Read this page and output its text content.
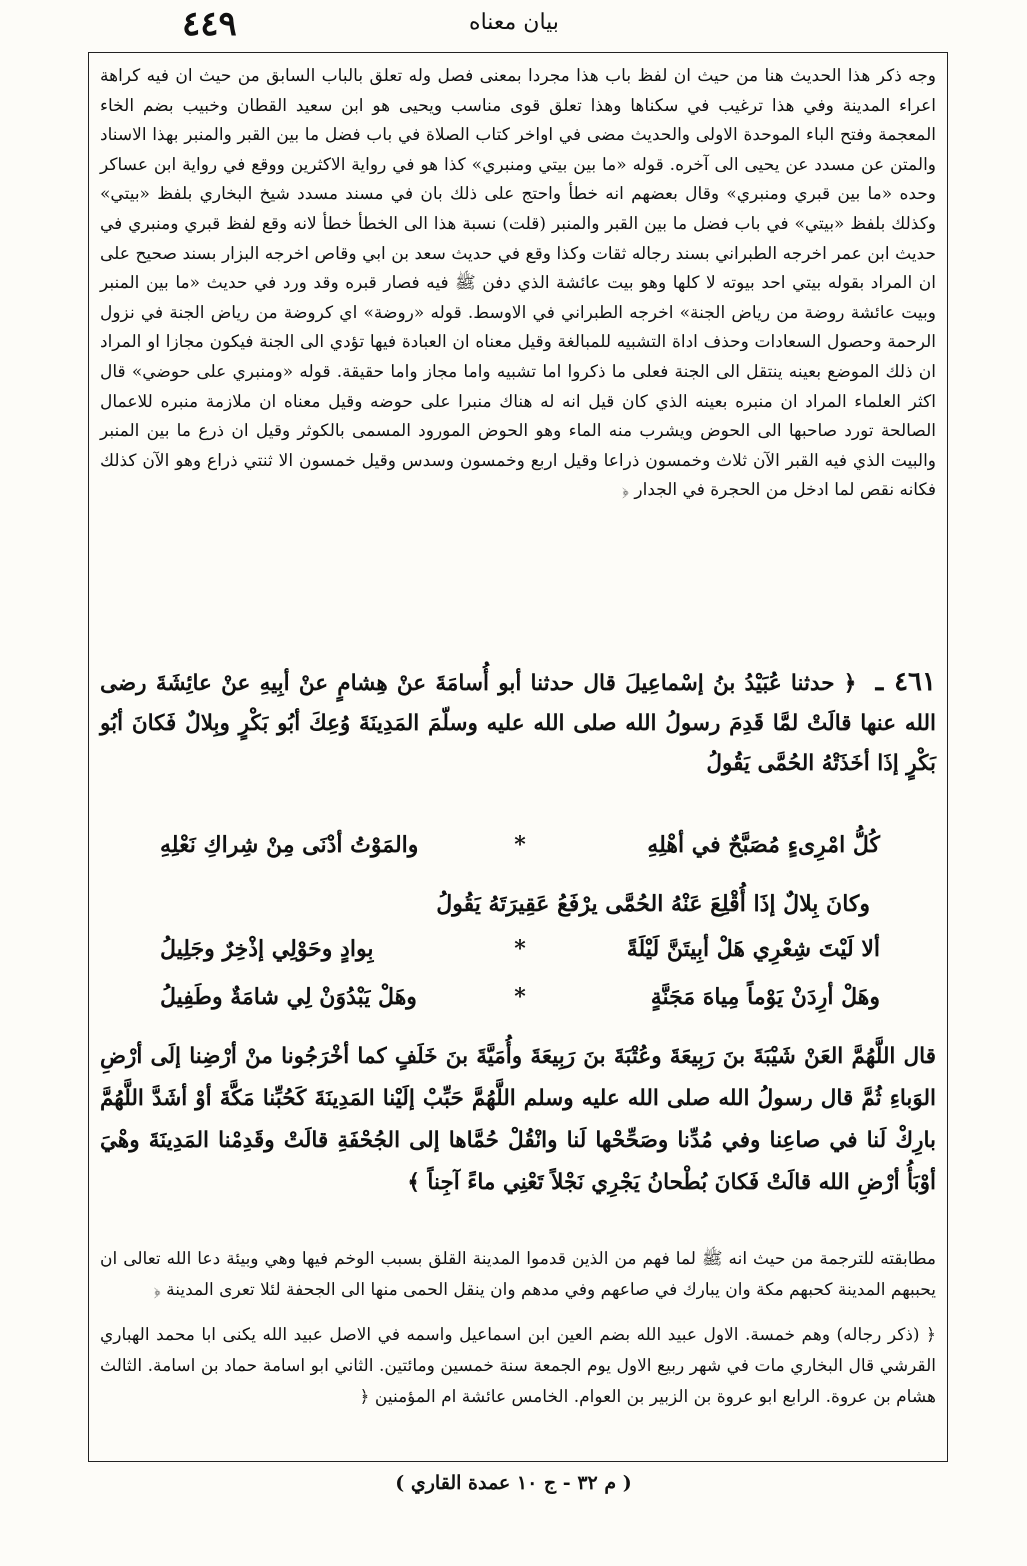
٤٤٩	بيان معناه
وجه ذكر هذا الحديث هنا من حيث ان لفظ باب هذا مجردا بمعنى فصل وله تعلق بالباب السابق من حيث ان فيه كراهة اعراء المدينة وفي هذا ترغيب في سكناها وهذا تعلق قوى مناسب ويحيى هو ابن سعيد القطان وخبيب بضم الخاء المعجمة وفتح الباء الموحدة الاولى والحديث مضى في اواخر كتاب الصلاة في باب فضل ما بين القبر والمنبر بهذا الاسناد والمتن عن مسدد عن يحيى الى آخره. قوله «ما بين بيتي ومنبري» كذا هو في رواية الاكثرين ووقع في رواية ابن عساكر وحده «ما بين قبري ومنبري» وقال بعضهم انه خطأ واحتج على ذلك بان في مسند مسدد شيخ البخاري بلفظ «بيتي» وكذلك بلفظ «بيتي» في باب فضل ما بين القبر والمنبر (قلت) نسبة هذا الى الخطأ خطأ لانه وقع لفظ قبري ومنبري في حديث ابن عمر اخرجه الطبراني بسند رجاله ثقات وكذا وقع في حديث سعد بن ابي وقاص اخرجه البزار بسند صحيح على ان المراد بقوله بيتي احد بيوته لا كلها وهو بيت عائشة الذي دفن ﷺ فيه فصار قبره وقد ورد في حديث «ما بين المنبر وبيت عائشة روضة من رياض الجنة» اخرجه الطبراني في الاوسط. قوله «روضة» اي كروضة من رياض الجنة في نزول الرحمة وحصول السعادات وحذف اداة التشبيه للمبالغة وقيل معناه ان العبادة فيها تؤدي الى الجنة فيكون مجازا او المراد ان ذلك الموضع بعينه ينتقل الى الجنة فعلى ما ذكروا اما تشبيه واما مجاز واما حقيقة. قوله «ومنبري على حوضي» قال اكثر العلماء المراد ان منبره بعينه الذي كان قيل انه له هناك منبرا على حوضه وقيل معناه ان ملازمة منبره للاعمال الصالحة تورد صاحبها الى الحوض ويشرب منه الماء وهو الحوض المورود المسمى بالكوثر وقيل ان ذرع ما بين المنبر والبيت الذي فيه القبر الآن ثلاث وخمسون ذراعا وقيل اربع وخمسون وسدس وقيل خمسون الا ثنتي ذراع وهو الآن كذلك فكانه نقص لما ادخل من الحجرة في الجدار ﴿
٤٦١ ـ ﴿ حدثنا عُبَيْدُ بنُ إسْماعِيلَ قال حدثنا أبو أُسامَةَ عنْ هِشامٍ عنْ أبِيهِ عنْ عائِشَةَ رضى الله عنها قالَتْ لمَّا قَدِمَ رسولُ الله صلى الله عليه وسلّمَ المَدِينَةَ وُعِكَ أبُو بَكْرٍ وبِلالٌ فَكانَ أبُو بَكْرٍ إذَا أخَذَتْهُ الحُمَّى يَقُولُ
كُلُّ امْرِىءٍ مُصَبَّحٌ في أهْلِهِ
*
والمَوْتُ أدْنَى مِنْ شِراكِ نَعْلِهِ
وكانَ بِلالٌ إذَا أُقْلِعَ عَنْهُ الحُمَّى يرْفَعُ عَقِيرَتَهُ يَقُولُ
ألا لَيْتَ شِعْرِي هَلْ أبِيتَنَّ لَيْلَةً
*
بِوادٍ وحَوْلِي إذْخِرٌ وجَلِيلُ
وهَلْ أرِدَنْ يَوْماً مِياهَ مَجَنَّةٍ
*
وهَلْ يَبْدُوَنْ لِي شامَةٌ وطَفِيلُ
قال اللَّهُمَّ العَنْ شَيْبَةَ بنَ رَبِيعَةَ وعُتْبَةَ بنَ رَبِيعَةَ وأُمَيَّةَ بنَ خَلَفٍ كما أخْرَجُونا منْ أرْضِنا إلَى أرْضِ الوَباءِ ثُمَّ قال رسولُ الله صلى الله عليه وسلم اللَّهُمَّ حَبِّبْ إلَيْنا المَدِينَةَ كَحُبِّنا مَكَّةَ أوْ أشَدَّ اللَّهُمَّ بارِكْ لَنا في صاعِنا وفي مُدِّنا وصَحِّحْها لَنا وانْقُلْ حُمَّاها إلى الجُحْفَةِ قالَتْ وقَدِمْنا المَدِينَةَ وهْيَ أوْبَأُ أرْضِ الله قالَتْ فَكانَ بُطْحانُ يَجْرِي نَجْلاً تَعْنِي ماءً آجِناً ﴾
مطابقته للترجمة من حيث انه ﷺ لما فهم من الذين قدموا المدينة القلق بسبب الوخم فيها وهي وبيئة دعا الله تعالى ان يحببهم المدينة كحبهم مكة وان يبارك في صاعهم وفي مدهم وان ينقل الحمى منها الى الجحفة لئلا تعرى المدينة ﴿
﴿ (ذكر رجاله) وهم خمسة. الاول عبيد الله بضم العين ابن اسماعيل واسمه في الاصل عبيد الله يكنى ابا محمد الهباري القرشي قال البخاري مات في شهر ربيع الاول يوم الجمعة سنة خمسين ومائتين. الثاني ابو اسامة حماد بن اسامة. الثالث هشام بن عروة. الرابع ابو عروة بن الزبير بن العوام. الخامس عائشة ام المؤمنين ﴿
( م ٣٢ - ج ١٠ عمدة القاري )
